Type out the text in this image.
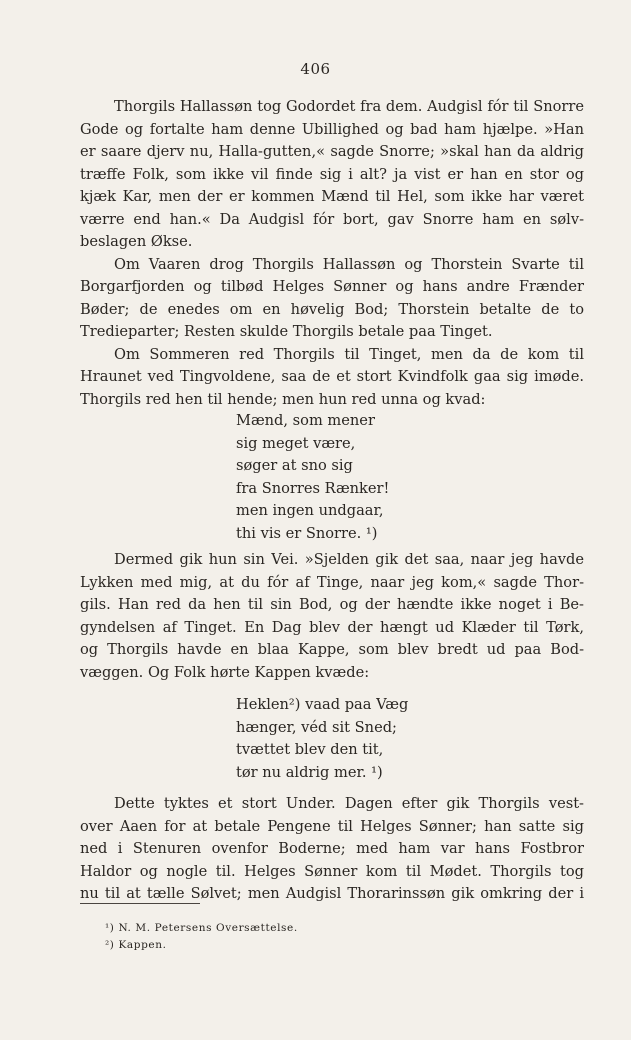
406
Thorgils Hallassøn tog Godordet fra dem. Audgisl fór til Snorre
Gode og fortalte ham denne Ubillighed og bad ham hjælpe. »Han
er saare djerv nu, Halla-gutten,« sagde Snorre; »skal han da aldrig
træffe Folk, som ikke vil finde sig i alt? ja vist er han en stor og
kjæk Kar, men der er kommen Mænd til Hel, som ikke har været
værre end han.« Da Audgisl fór bort, gav Snorre ham en sølv-
beslagen Økse.
Om Vaaren drog Thorgils Hallassøn og Thorstein Svarte til
Borgarfjorden og tilbød Helges Sønner og hans andre Frænder
Bøder; de enedes om en høvelig Bod; Thorstein betalte de to
Tredieparter; Resten skulde Thorgils betale paa Tinget.
Om Sommeren red Thorgils til Tinget, men da de kom til
Hraunet ved Tingvoldene, saa de et stort Kvindfolk gaa sig imøde.
Thorgils red hen til hende; men hun red unna og kvad:
Mænd, som mener
sig meget være,
søger at sno sig
fra Snorres Rænker!
men ingen undgaar,
thi vis er Snorre. ¹)
Dermed gik hun sin Vei. »Sjelden gik det saa, naar jeg havde
Lykken med mig, at du fór af Tinge, naar jeg kom,« sagde Thor-
gils. Han red da hen til sin Bod, og der hændte ikke noget i Be-
gyndelsen af Tinget. En Dag blev der hængt ud Klæder til Tørk,
og Thorgils havde en blaa Kappe, som blev bredt ud paa Bod-
væggen. Og Folk hørte Kappen kvæde:
Heklen²) vaad paa Væg
hænger, véd sit Sned;
tvættet blev den tit,
tør nu aldrig mer. ¹)
Dette tyktes et stort Under. Dagen efter gik Thorgils vest-
over Aaen for at betale Pengene til Helges Sønner; han satte sig
ned i Stenuren ovenfor Boderne; med ham var hans Fostbror
Haldor og nogle til. Helges Sønner kom til Mødet. Thorgils tog
nu til at tælle Sølvet; men Audgisl Thorarinssøn gik omkring der i
¹) N. M. Petersens Oversættelse.
²) Kappen.
